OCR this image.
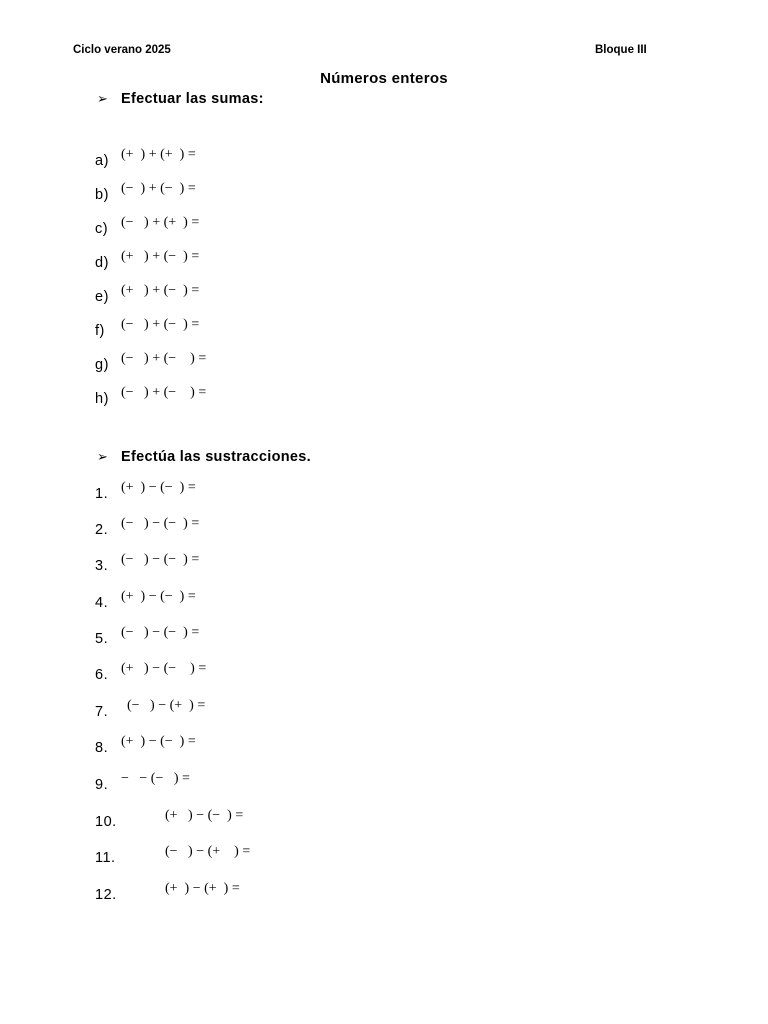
Ciclo verano 2025	Bloque III
Números enteros
➢ Efectuar las sumas:
a) (+  ) + (+  ) =
b) (−  ) + (−  ) =
c) (−   ) + (+  ) =
d) (+   ) + (−  ) =
e) (+   ) + (−  ) =
f) (−   ) + (−  ) =
g) (−   ) + (−    ) =
h) (−   ) + (−    ) =
➢ Efectúa las sustracciones.
1. (+  ) − (−  ) =
2. (−   ) − (−  ) =
3. (−   ) − (−  ) =
4. (+  ) − (−  ) =
5. (−   ) − (−  ) =
6. (+   ) − (−    ) =
7. (−   ) − (+  ) =
8. (+  ) − (−  ) =
9. −   − (−   ) =
10.	(+   ) − (−  ) =
11.	(−   ) − (+    ) =
12.	(+  ) − (+  ) =
